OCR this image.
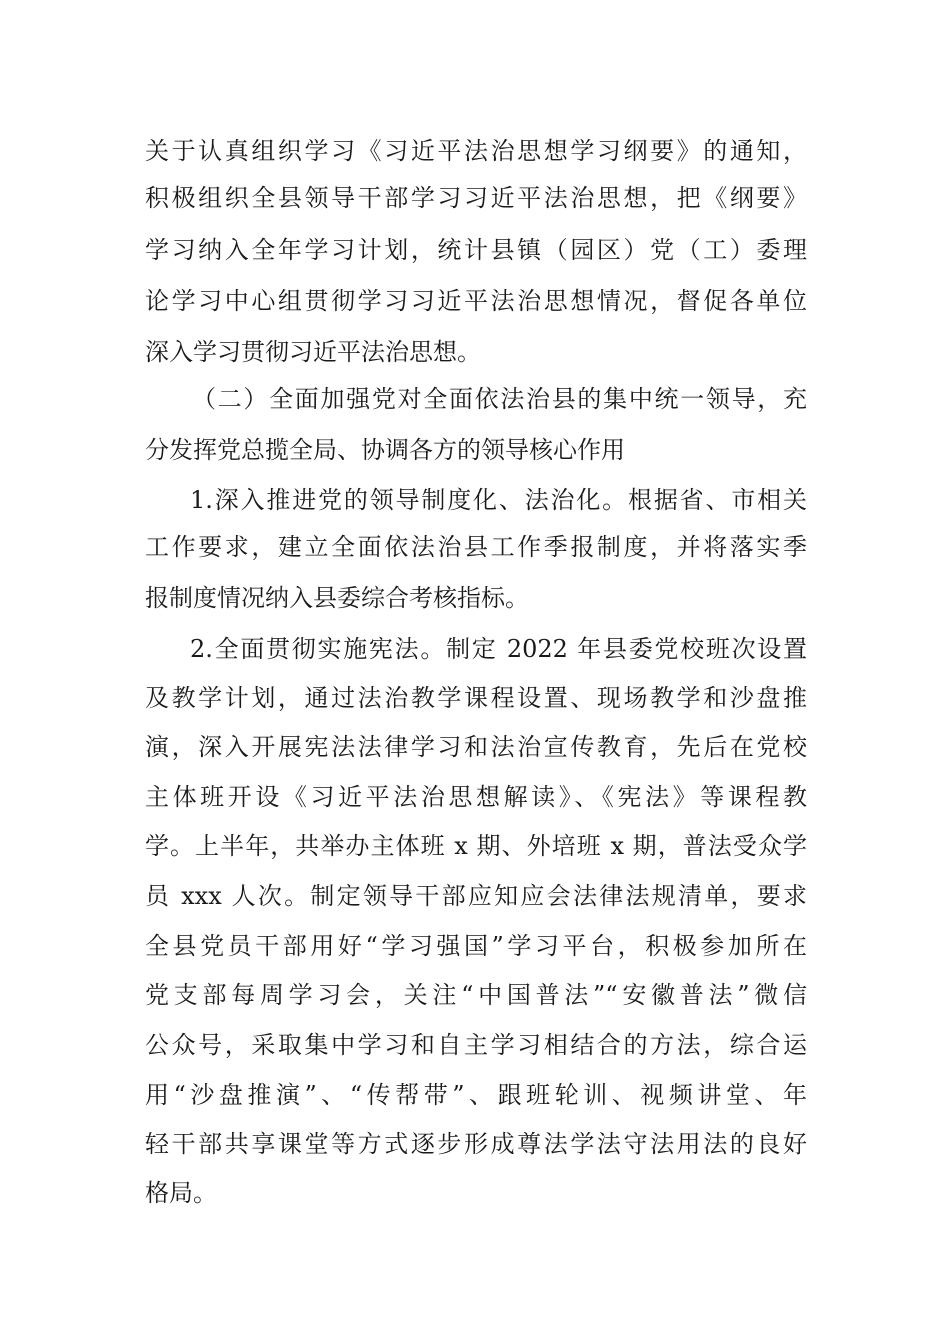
关于认真组织学习《习近平法治思想学习纲要》的通知，
积极组织全县领导干部学习习近平法治思想，把《纲要》
学习纳入全年学习计划，统计县镇（园区）党（工）委理
论学习中心组贯彻学习习近平法治思想情况，督促各单位
深入学习贯彻习近平法治思想。
（二）全面加强党对全面依法治县的集中统一领导，充
分发挥党总揽全局、协调各方的领导核心作用
1.深入推进党的领导制度化、法治化。根据省、市相关
工作要求，建立全面依法治县工作季报制度，并将落实季
报制度情况纳入县委综合考核指标。
2.全面贯彻实施宪法。制定 2022 年县委党校班次设置
及教学计划，通过法治教学课程设置、现场教学和沙盘推
演，深入开展宪法法律学习和法治宣传教育，先后在党校
主体班开设《习近平法治思想解读》、《宪法》等课程教
学。上半年，共举办主体班 x 期、外培班 x 期，普法受众学
员 xxx 人次。制定领导干部应知应会法律法规清单，要求
全县党员干部用好“学习强国”学习平台，积极参加所在
党支部每周学习会，关注“中国普法”“安徽普法”微信
公众号，采取集中学习和自主学习相结合的方法，综合运
用“沙盘推演”、“传帮带”、跟班轮训、视频讲堂、年
轻干部共享课堂等方式逐步形成尊法学法守法用法的良好
格局。
